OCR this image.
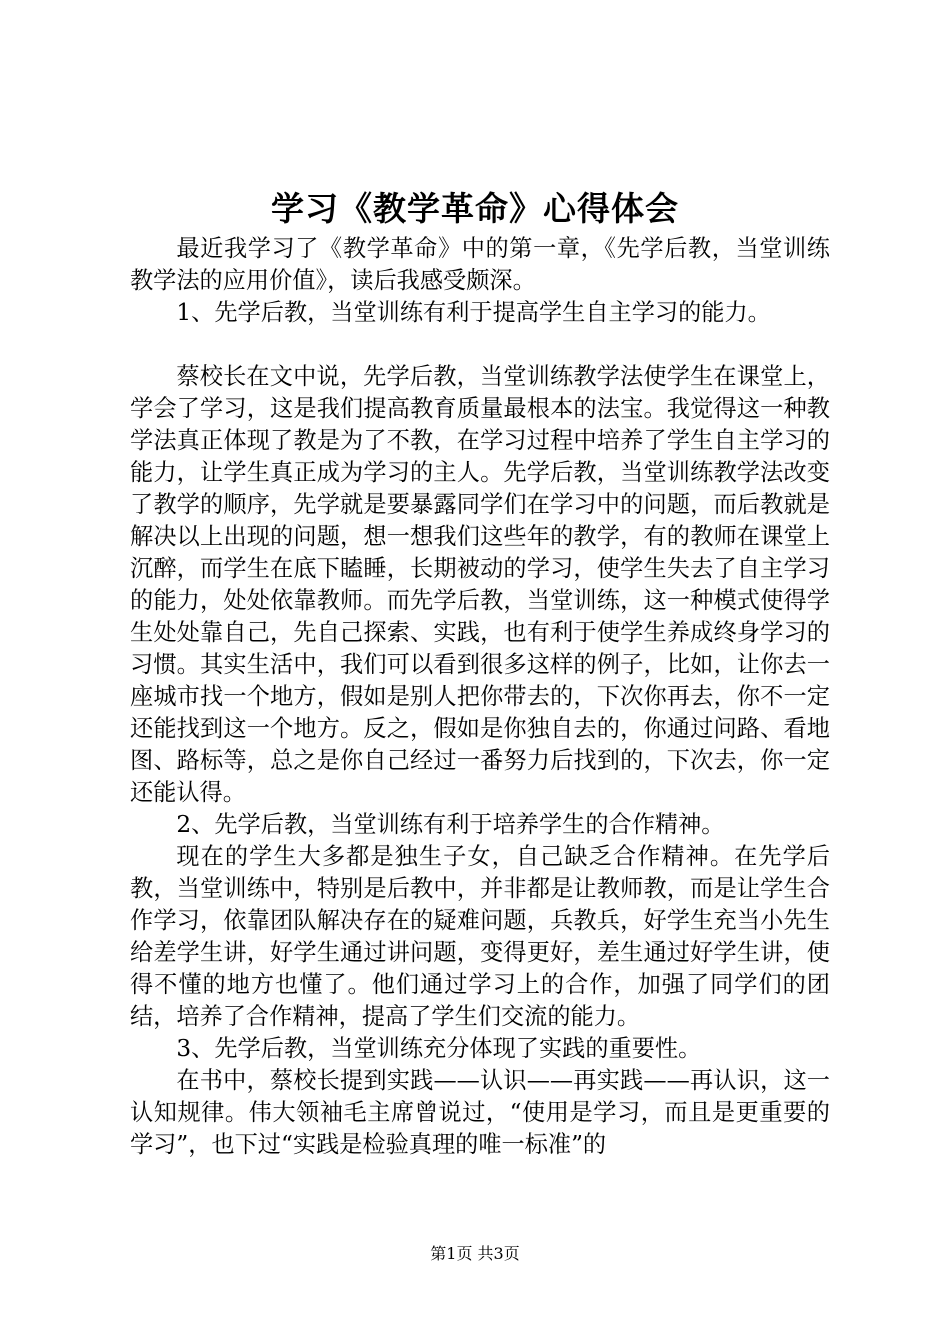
学习《教学革命》心得体会

最近我学习了《教学革命》中的第一章，《先学后教，当堂训练教学法的应用价值》，读后我感受颇深。

1、先学后教，当堂训练有利于提高学生自主学习的能力。

蔡校长在文中说，先学后教，当堂训练教学法使学生在课堂上，学会了学习，这是我们提高教育质量最根本的法宝。我觉得这一种教学法真正体现了教是为了不教，在学习过程中培养了学生自主学习的能力，让学生真正成为学习的主人。先学后教，当堂训练教学法改变了教学的顺序，先学就是要暴露同学们在学习中的问题，而后教就是解决以上出现的问题，想一想我们这些年的教学，有的教师在课堂上沉醉，而学生在底下瞌睡，长期被动的学习，使学生失去了自主学习的能力，处处依靠教师。而先学后教，当堂训练，这一种模式使得学生处处靠自己，先自己探索、实践，也有利于使学生养成终身学习的习惯。其实生活中，我们可以看到很多这样的例子，比如，让你去一座城市找一个地方，假如是别人把你带去的，下次你再去，你不一定还能找到这一个地方。反之，假如是你独自去的，你通过问路、看地图、路标等，总之是你自己经过一番努力后找到的，下次去，你一定还能认得。

2、先学后教，当堂训练有利于培养学生的合作精神。

现在的学生大多都是独生子女，自己缺乏合作精神。在先学后教，当堂训练中，特别是后教中，并非都是让教师教，而是让学生合作学习，依靠团队解决存在的疑难问题，兵教兵，好学生充当小先生给差学生讲，好学生通过讲问题，变得更好，差生通过好学生讲，使得不懂的地方也懂了。他们通过学习上的合作，加强了同学们的团结，培养了合作精神，提高了学生们交流的能力。

3、先学后教，当堂训练充分体现了实践的重要性。

在书中，蔡校长提到实践——认识——再实践——再认识，这一认知规律。伟大领袖毛主席曾说过，“使用是学习，而且是更重要的学习”，也下过“实践是检验真理的唯一标准”的

第1页 共3页
